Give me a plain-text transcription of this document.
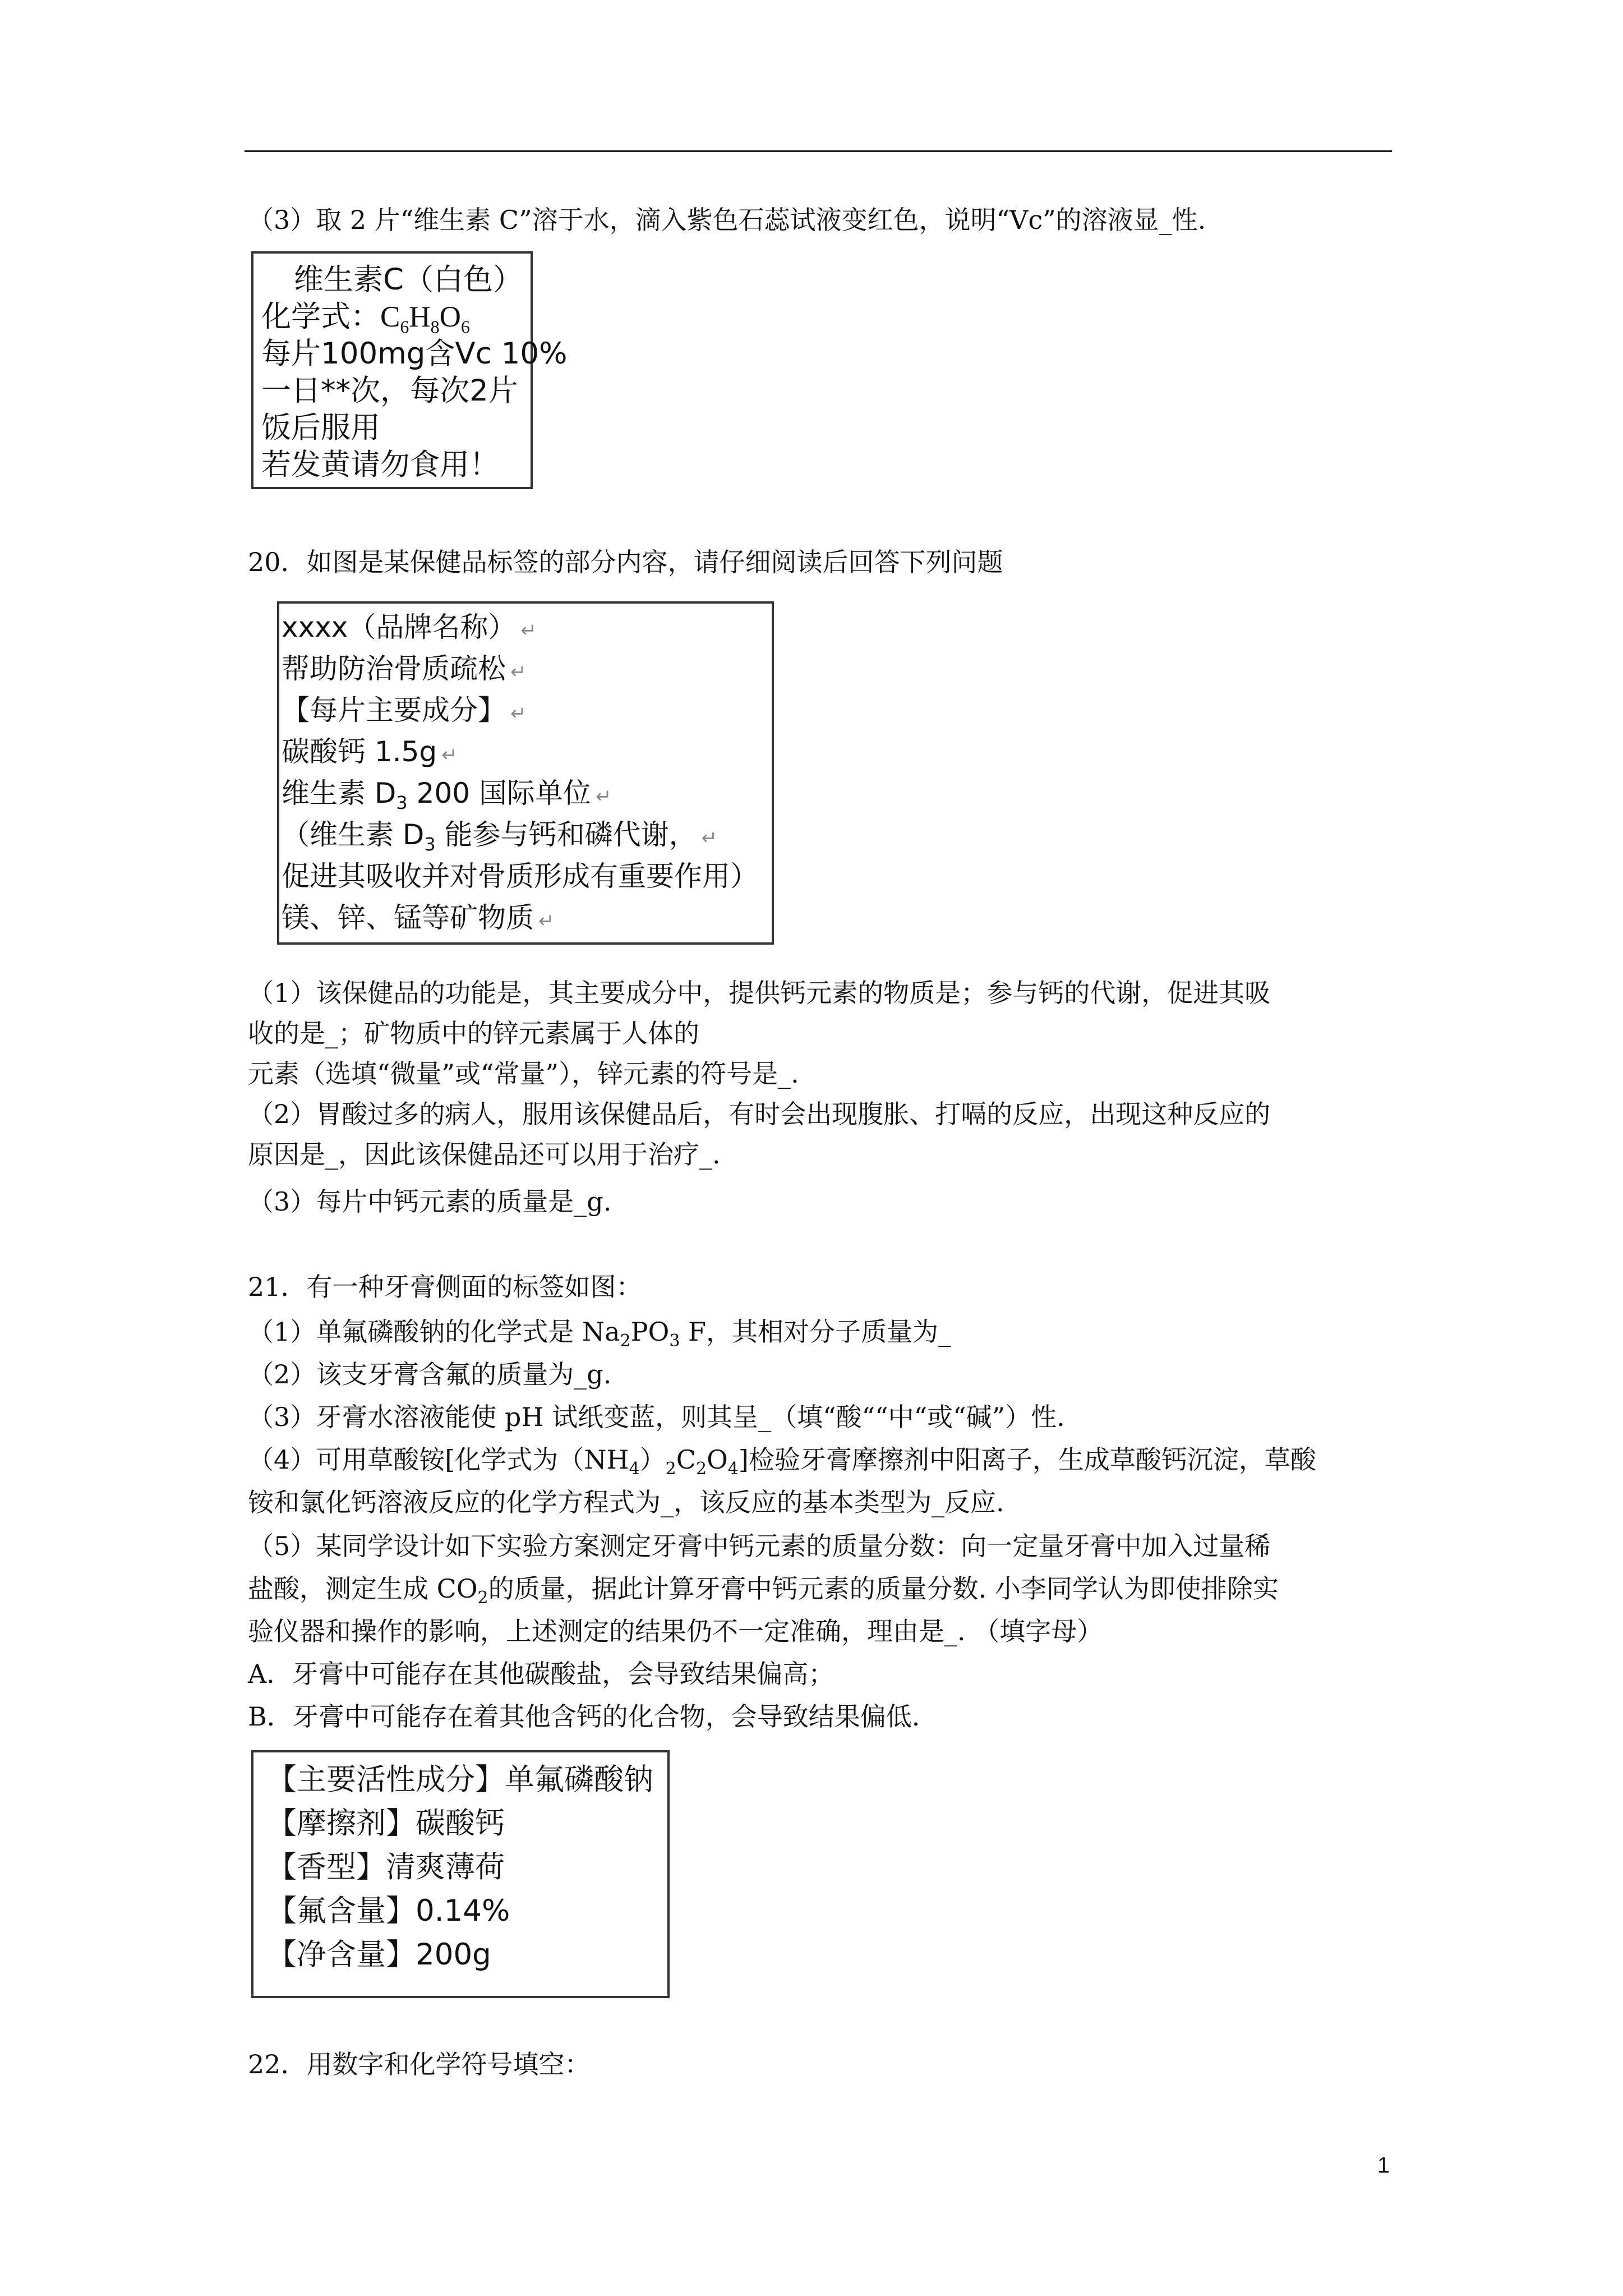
（3）取 2 片“维生素 C”溶于水，滴入紫色石蕊试液变红色，说明“Vc”的溶液显_性.
维生素C（白色）
化学式：$C_6H_8O_6$
每片100mg含Vc 10%
一日**次，每次2片
饭后服用
若发黄请勿食用！
20．如图是某保健品标签的部分内容，请仔细阅读后回答下列问题
xxxx（品牌名称） ↵
帮助防治骨质疏松 ↵
【每片主要成分】 ↵
碳酸钙 1.5g ↵
维生素 $D_3$ 200 国际单位 ↵
（维生素 $D_3$ 能参与钙和磷代谢， ↵
促进其吸收并对骨质形成有重要作用）
镁、锌、锰等矿物质 ↵
（1）该保健品的功能是，其主要成分中，提供钙元素的物质是；参与钙的代谢，促进其吸
收的是_；矿物质中的锌元素属于人体的
元素（选填“微量”或“常量”），锌元素的符号是_.
（2）胃酸过多的病人，服用该保健品后，有时会出现腹胀、打嗝的反应，出现这种反应的
原因是_，因此该保健品还可以用于治疗_.
（3）每片中钙元素的质量是_g.
21．有一种牙膏侧面的标签如图：
（1）单氟磷酸钠的化学式是 $Na_2PO_3$ F，其相对分子质量为_
（2）该支牙膏含氟的质量为_g.
（3）牙膏水溶液能使 pH 试纸变蓝，则其呈_（填“酸““中“或“碱”）性.
（4）可用草酸铵[化学式为$(NH_4)_2C_2O_4$]检验牙膏摩擦剂中阳离子，生成草酸钙沉淀，草酸
铵和氯化钙溶液反应的化学方程式为_，该反应的基本类型为_反应.
（5）某同学设计如下实验方案测定牙膏中钙元素的质量分数：向一定量牙膏中加入过量稀
盐酸，测定生成 $CO_2$的质量，据此计算牙膏中钙元素的质量分数. 小李同学认为即使排除实
验仪器和操作的影响，上述测定的结果仍不一定准确，理由是_. （填字母）
A．牙膏中可能存在其他碳酸盐，会导致结果偏高；
B．牙膏中可能存在着其他含钙的化合物，会导致结果偏低.
【主要活性成分】单氟磷酸钠
【摩擦剂】碳酸钙
【香型】清爽薄荷
【氟含量】0.14%
【净含量】200g
22．用数字和化学符号填空：
1
